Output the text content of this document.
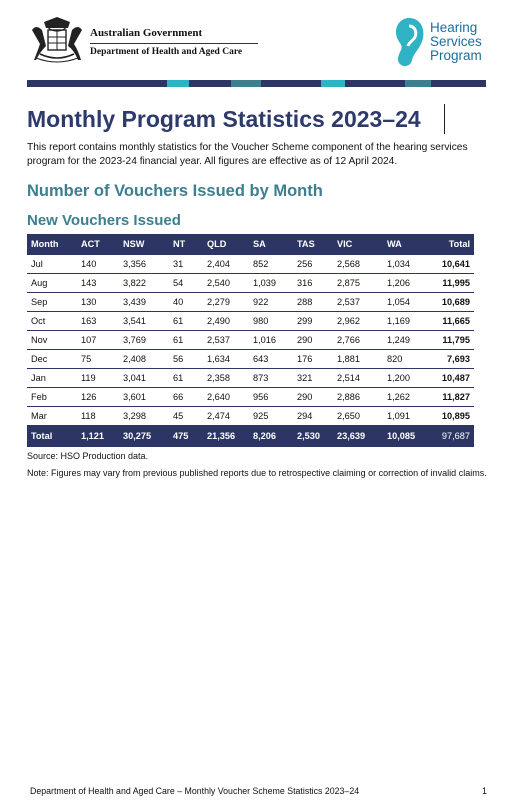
Australian Government
Department of Health and Aged Care
Hearing
Services
Program
Monthly Program Statistics 2023–24
This report contains monthly statistics for the Voucher Scheme component of the hearing services program for the 2023-24 financial year. All figures are effective as of 12 April 2024.
Number of Vouchers Issued by Month
New Vouchers Issued
Month	ACT	NSW	NT	QLD	SA	TAS	VIC	WA	Total
Jul	140	3,356	31	2,404	852	256	2,568	1,034	10,641
Aug	143	3,822	54	2,540	1,039	316	2,875	1,206	11,995
Sep	130	3,439	40	2,279	922	288	2,537	1,054	10,689
Oct	163	3,541	61	2,490	980	299	2,962	1,169	11,665
Nov	107	3,769	61	2,537	1,016	290	2,766	1,249	11,795
Dec	75	2,408	56	1,634	643	176	1,881	820	7,693
Jan	119	3,041	61	2,358	873	321	2,514	1,200	10,487
Feb	126	3,601	66	2,640	956	290	2,886	1,262	11,827
Mar	118	3,298	45	2,474	925	294	2,650	1,091	10,895
Total	1,121	30,275	475	21,356	8,206	2,530	23,639	10,085	97,687
Source: HSO Production data.
Note: Figures may vary from previous published reports due to retrospective claiming or correction of invalid claims.
Department of Health and Aged Care – Monthly Voucher Scheme Statistics 2023–24	1
